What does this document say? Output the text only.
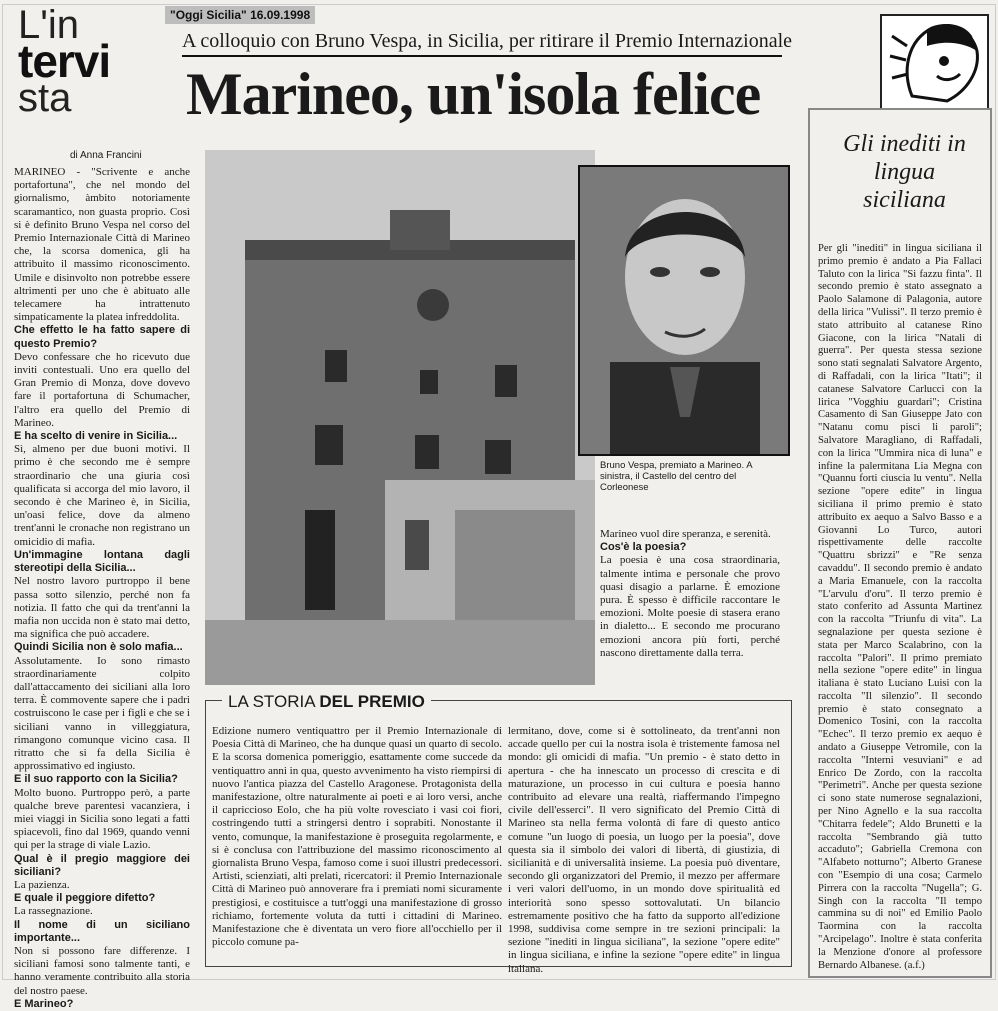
"Oggi Sicilia" 16.09.1998
L'in
tervi
sta
A colloquio con Bruno Vespa, in Sicilia, per ritirare il Premio Internazionale
Marineo, un'isola felice
di Anna Francini

MARINEO - "Scrivente e anche portafortuna", che nel mondo del giornalismo, àmbito notoriamente scaramantico, non guasta proprio. Così si è definito Bruno Vespa nel corso del Premio Internazionale Città di Marineo che, la scorsa domenica, gli ha attribuito il massimo riconoscimento. Umile e disinvolto non potrebbe essere altrimenti per uno che è abituato alle telecamere ha intrattenuto simpaticamente la platea infreddolita.

Che effetto le ha fatto sapere di questo Premio?

Devo confessare che ho ricevuto due inviti contestuali. Uno era quello del Gran Premio di Monza, dove dovevo fare il portafortuna di Schumacher, l'altro era quello del Premio di Marineo.

E ha scelto di venire in Sicilia...

Sì, almeno per due buoni motivi. Il primo è che secondo me è sempre straordinario che una giuria così qualificata si accorga del mio lavoro, il secondo è che Marineo è, in Sicilia, un'oasi felice, dove da almeno trent'anni le cronache non registrano un omicidio di mafia.

Un'immagine lontana dagli stereotipi della Sicilia...

Nel nostro lavoro purtroppo il bene passa sotto silenzio, perché non fa notizia. Il fatto che qui da trent'anni la mafia non uccida non è stato mai detto, ma significa che può accadere.

Quindi Sicilia non è solo mafia...

Assolutamente. Io sono rimasto straordinariamente colpito dall'attaccamento dei siciliani alla loro terra. È commovente sapere che i padri costruiscono le case per i figli e che se i siciliani vanno in villeggiatura, rimangono comunque vicino casa. Il ritratto che si fa della Sicilia è approssimativo ed ingiusto.

E il suo rapporto con la Sicilia?

Molto buono. Purtroppo però, a parte qualche breve parentesi vacanziera, i miei viaggi in Sicilia sono legati a fatti spiacevoli, fino dal 1969, quando venni qui per la strage di viale Lazio.

Qual è il pregio maggiore dei siciliani?

La pazienza.

E quale il peggiore difetto?

La rassegnazione.

Il nome di un siciliano importante...

Non si possono fare differenze. I siciliani famosi sono talmente tanti, e hanno veramente contribuito alla storia del nostro paese.

E Marineo?

Bruno Vespa, premiato a Marineo. A sinistra, il Castello del centro del Corleonese

Marineo vuol dire speranza, e serenità.

Cos'è la poesia?

La poesia è una cosa straordinaria, talmente intima e personale che provo quasi disagio a parlarne. È emozione pura. È spesso è difficile raccontare le emozioni. Molte poesie di stasera erano in dialetto... E secondo me procurano emozioni ancora più forti, perché nascono direttamente dalla terra.

LA STORIA DEL PREMIO
Edizione numero ventiquattro per il Premio Internazionale di Poesia Città di Marineo, che ha dunque quasi un quarto di secolo. E la scorsa domenica pomeriggio, esattamente come succede da ventiquattro anni in qua, questo avvenimento ha visto riempirsi di nuovo l'antica piazza del Castello Aragonese. Protagonista della manifestazione, oltre naturalmente ai poeti e ai loro versi, anche il capriccioso Eolo, che ha più volte rovesciato i vasi coi fiori, costringendo tutti a stringersi dentro i soprabiti. Nonostante il vento, comunque, la manifestazione è proseguita regolarmente, e si è conclusa con l'attribuzione del massimo riconoscimento al giornalista Bruno Vespa, famoso come i suoi illustri predecessori. Artisti, scienziati, alti prelati, ricercatori: il Premio Internazionale Città di Marineo può annoverare fra i premiati nomi sicuramente prestigiosi, e costituisce a tutt'oggi una manifestazione di grosso richiamo, fortemente voluta da tutti i cittadini di Marineo. Manifestazione che è diventata un vero fiore all'occhiello per il piccolo comune pa-
lermitano, dove, come si è sottolineato, da trent'anni non accade quello per cui la nostra isola è tristemente famosa nel mondo: gli omicidi di mafia. "Un premio - è stato detto in apertura - che ha innescato un processo di crescita e di maturazione, un processo in cui cultura e poesia hanno contribuito ad elevare una realtà, riaffermando l'impegno civile dell'esserci". Il vero significato del Premio Città di Marineo sta nella ferma volontà di fare di questo antico comune "un luogo di poesia, un luogo per la poesia", dove questa sia il simbolo dei valori di libertà, di giustizia, di sicilianità e di universalità insieme. La poesia può diventare, secondo gli organizzatori del Premio, il mezzo per affermare i veri valori dell'uomo, in un mondo dove spiritualità ed interiorità sono spesso sottovalutati. Un bilancio estremamente positivo che ha fatto da supporto all'edizione 1998, suddivisa come sempre in tre sezioni principali: la sezione "inediti in lingua siciliana", la sezione "opere edite" in lingua siciliana, e infine la sezione "opere edite" in lingua italiana.
Gli inediti in lingua siciliana
Per gli "inediti" in lingua siciliana il primo premio è andato a Pia Fallaci Taluto con la lirica "Si fazzu finta". Il secondo premio è stato assegnato a Paolo Salamone di Palagonia, autore della lirica "Vulissi". Il terzo premio è stato attribuito al catanese Rino Giacone, con la lirica "Natali di guerra". Per questa stessa sezione sono stati segnalati Salvatore Argento, di Raffadali, con la lirica "Itati"; il catanese Salvatore Carlucci con la lirica "Vogghiu guardari"; Cristina Casamento di San Giuseppe Jato con "Natanu comu pisci li paroli"; Salvatore Maragliano, di Raffadali, con la lirica "Ummira nica di luna" e infine la palermitana Lia Megna con "Quannu forti ciuscia lu ventu". Nella sezione "opere edite" in lingua siciliana il primo premio è stato attribuito ex aequo a Salvo Basso e a Giovanni Lo Turco, autori rispettivamente delle raccolte "Quattru sbrizzi" e "Re senza cavaddu". Il secondo premio è andato a Maria Emanuele, con la raccolta "L'arvulu d'oru". Il terzo premio è stato conferito ad Assunta Martinez con la raccolta "Triunfu di vita". La segnalazione per questa sezione è stata per Marco Scalabrino, con la raccolta "Palori". Il primo premiato nella sezione "opere edite" in lingua italiana è stato Luciano Luisi con la raccolta "Il silenzio". Il secondo premio è stato consegnato a Domenico Tosini, con la raccolta "Echec". Il terzo premio ex aequo è andato a Giuseppe Vetromile, con la raccolta "Interni vesuviani" e ad Enrico De Zordo, con la raccolta "Perimetri". Anche per questa sezione ci sono state numerose segnalazioni, per Nino Agnello e la sua raccolta "Chitarra fedele"; Aldo Brunetti e la raccolta "Sembrando già tutto accaduto"; Gabriella Cremona con "Alfabeto notturno"; Alberto Granese con "Esempio di una cosa; Carmelo Pirrera con la raccolta "Nugella"; G. Singh con la raccolta "Il tempo cammina su di noi" ed Emilio Paolo Taormina con la raccolta "Arcipelago". Inoltre è stata conferita la Menzione d'onore al professore Bernardo Albanese. (a.f.)
